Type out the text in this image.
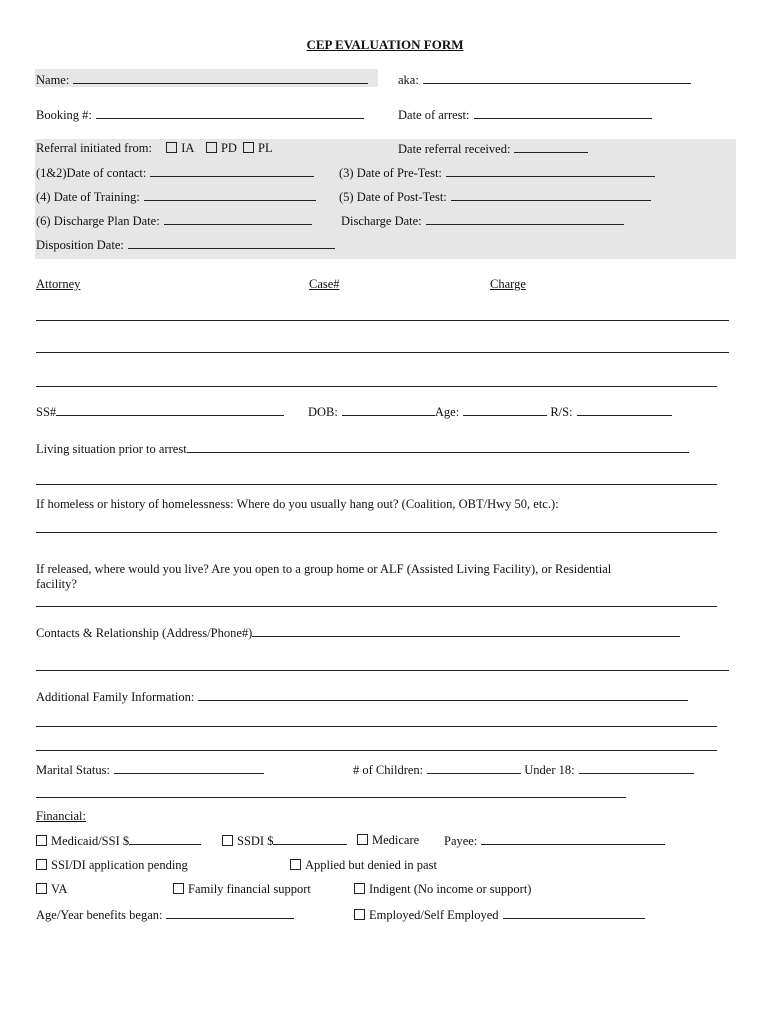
CEP EVALUATION FORM
Name:	aka:
Booking #:	Date of arrest:
Referral initiated from: IA PD PL	Date referral received:
(1&2)Date of contact:	(3) Date of Pre-Test:
(4) Date of Training:	(5) Date of Post-Test:
(6) Discharge Plan Date:	Discharge Date:
Disposition Date:
Attorney	Case#	Charge
SS#	DOB:	Age:	R/S:
Living situation prior to arrest
If homeless or history of homelessness: Where do you usually hang out? (Coalition, OBT/Hwy 50, etc.):
If released, where would you live? Are you open to a group home or ALF (Assisted Living Facility), or Residential
facility?
Contacts & Relationship (Address/Phone#)
Additional Family Information:
Marital Status:	# of Children:	Under 18:
Financial:
Medicaid/SSI $	SSDI $	Medicare Payee:
SSI/DI application pending	Applied but denied in past
VA	Family financial support	Indigent (No income or support)
Age/Year benefits began:	Employed/Self Employed
